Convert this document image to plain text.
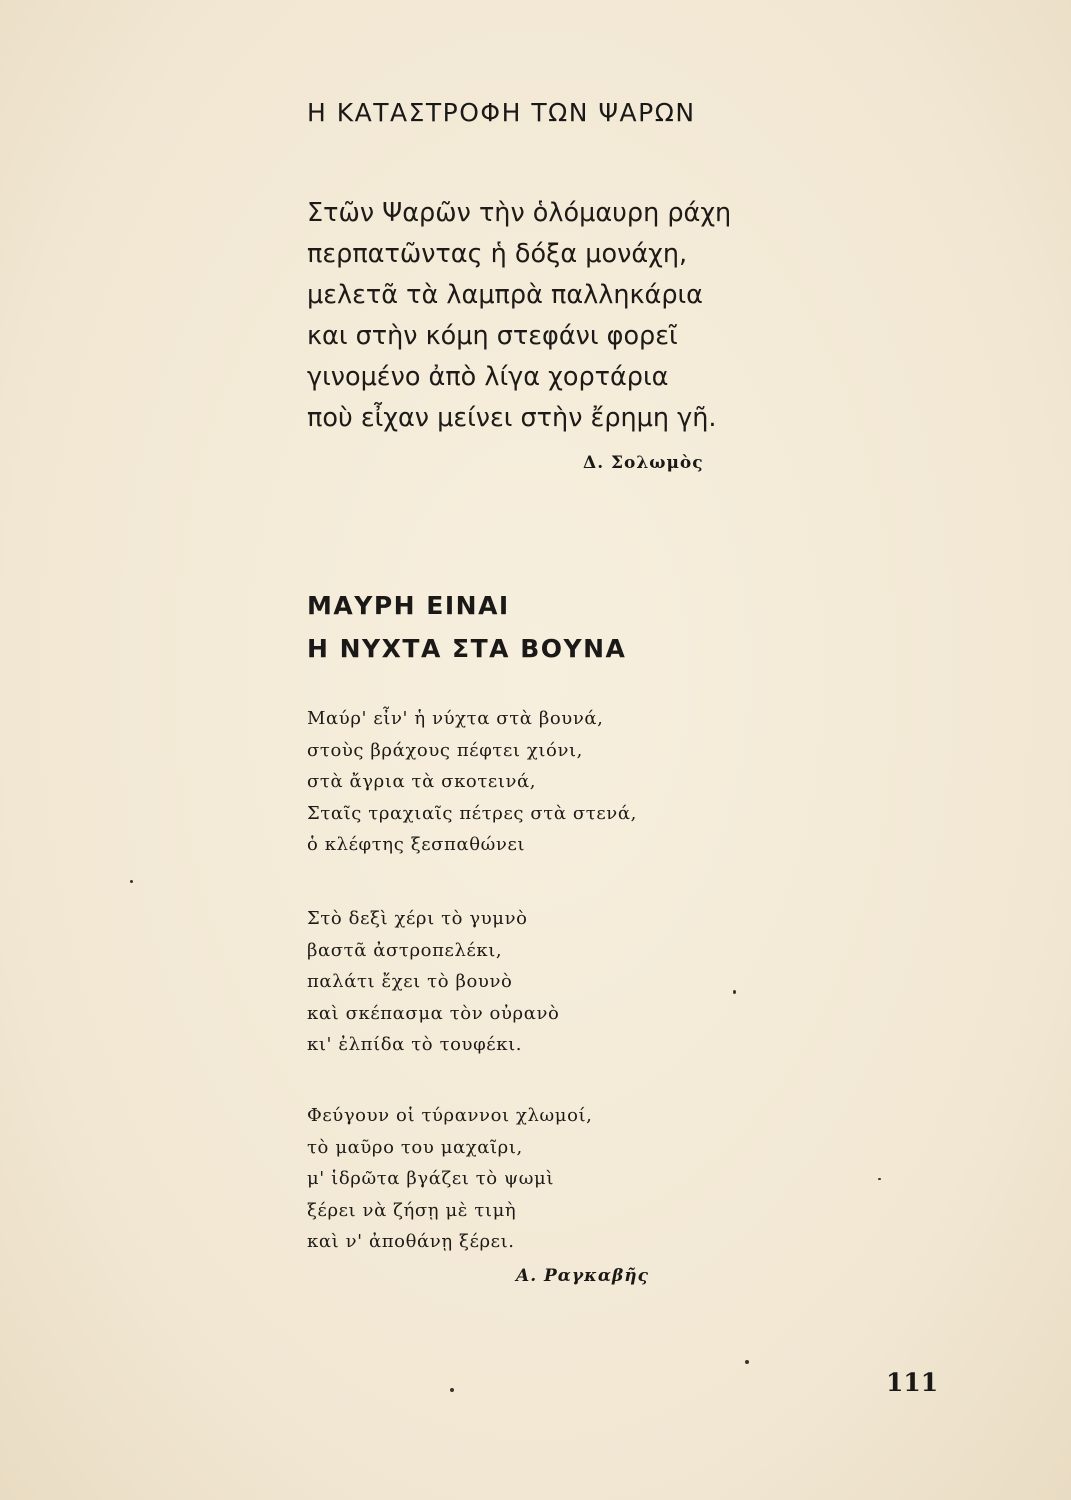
Η ΚΑΤΑΣΤΡΟΦΗ ΤΩΝ ΨΑΡΩΝ
Στῶν Ψαρῶν τὴν ὁλόμαυρη ράχη
περπατῶντας ἡ δόξα μονάχη,
μελετᾶ τὰ λαμπρὰ παλληκάρια
και στὴν κόμη στεφάνι φορεῖ
γινομένο ἀπὸ λίγα χορτάρια
ποὺ εἶχαν μείνει στὴν ἔρημη γῆ.
Δ. Σολωμὸς
ΜΑΥΡΗ ΕΙΝΑΙ
Η ΝΥΧΤΑ ΣΤΑ ΒΟΥΝΑ
Μαύρ' εἶν' ἡ νύχτα στὰ βουνά,
στοὺς βράχους πέφτει χιόνι,
στὰ ἄγρια τὰ σκοτεινά,
Σταῖς τραχιαῖς πέτρες στὰ στενά,
ὁ κλέφτης ξεσπαθώνει
Στὸ δεξὶ χέρι τὸ γυμνὸ
βαστᾶ ἀστροπελέκι,
παλάτι ἔχει τὸ βουνὸ
καὶ σκέπασμα τὸν οὐρανὸ
κι' ἐλπίδα τὸ τουφέκι.
Φεύγουν οἱ τύραννοι χλωμοί,
τὸ μαῦρο του μαχαῖρι,
μ' ἱδρῶτα βγάζει τὸ ψωμὶ
ξέρει νὰ ζήσῃ μὲ τιμὴ
καὶ ν' ἀποθάνῃ ξέρει.
Α. Ραγκαβῆς
111
